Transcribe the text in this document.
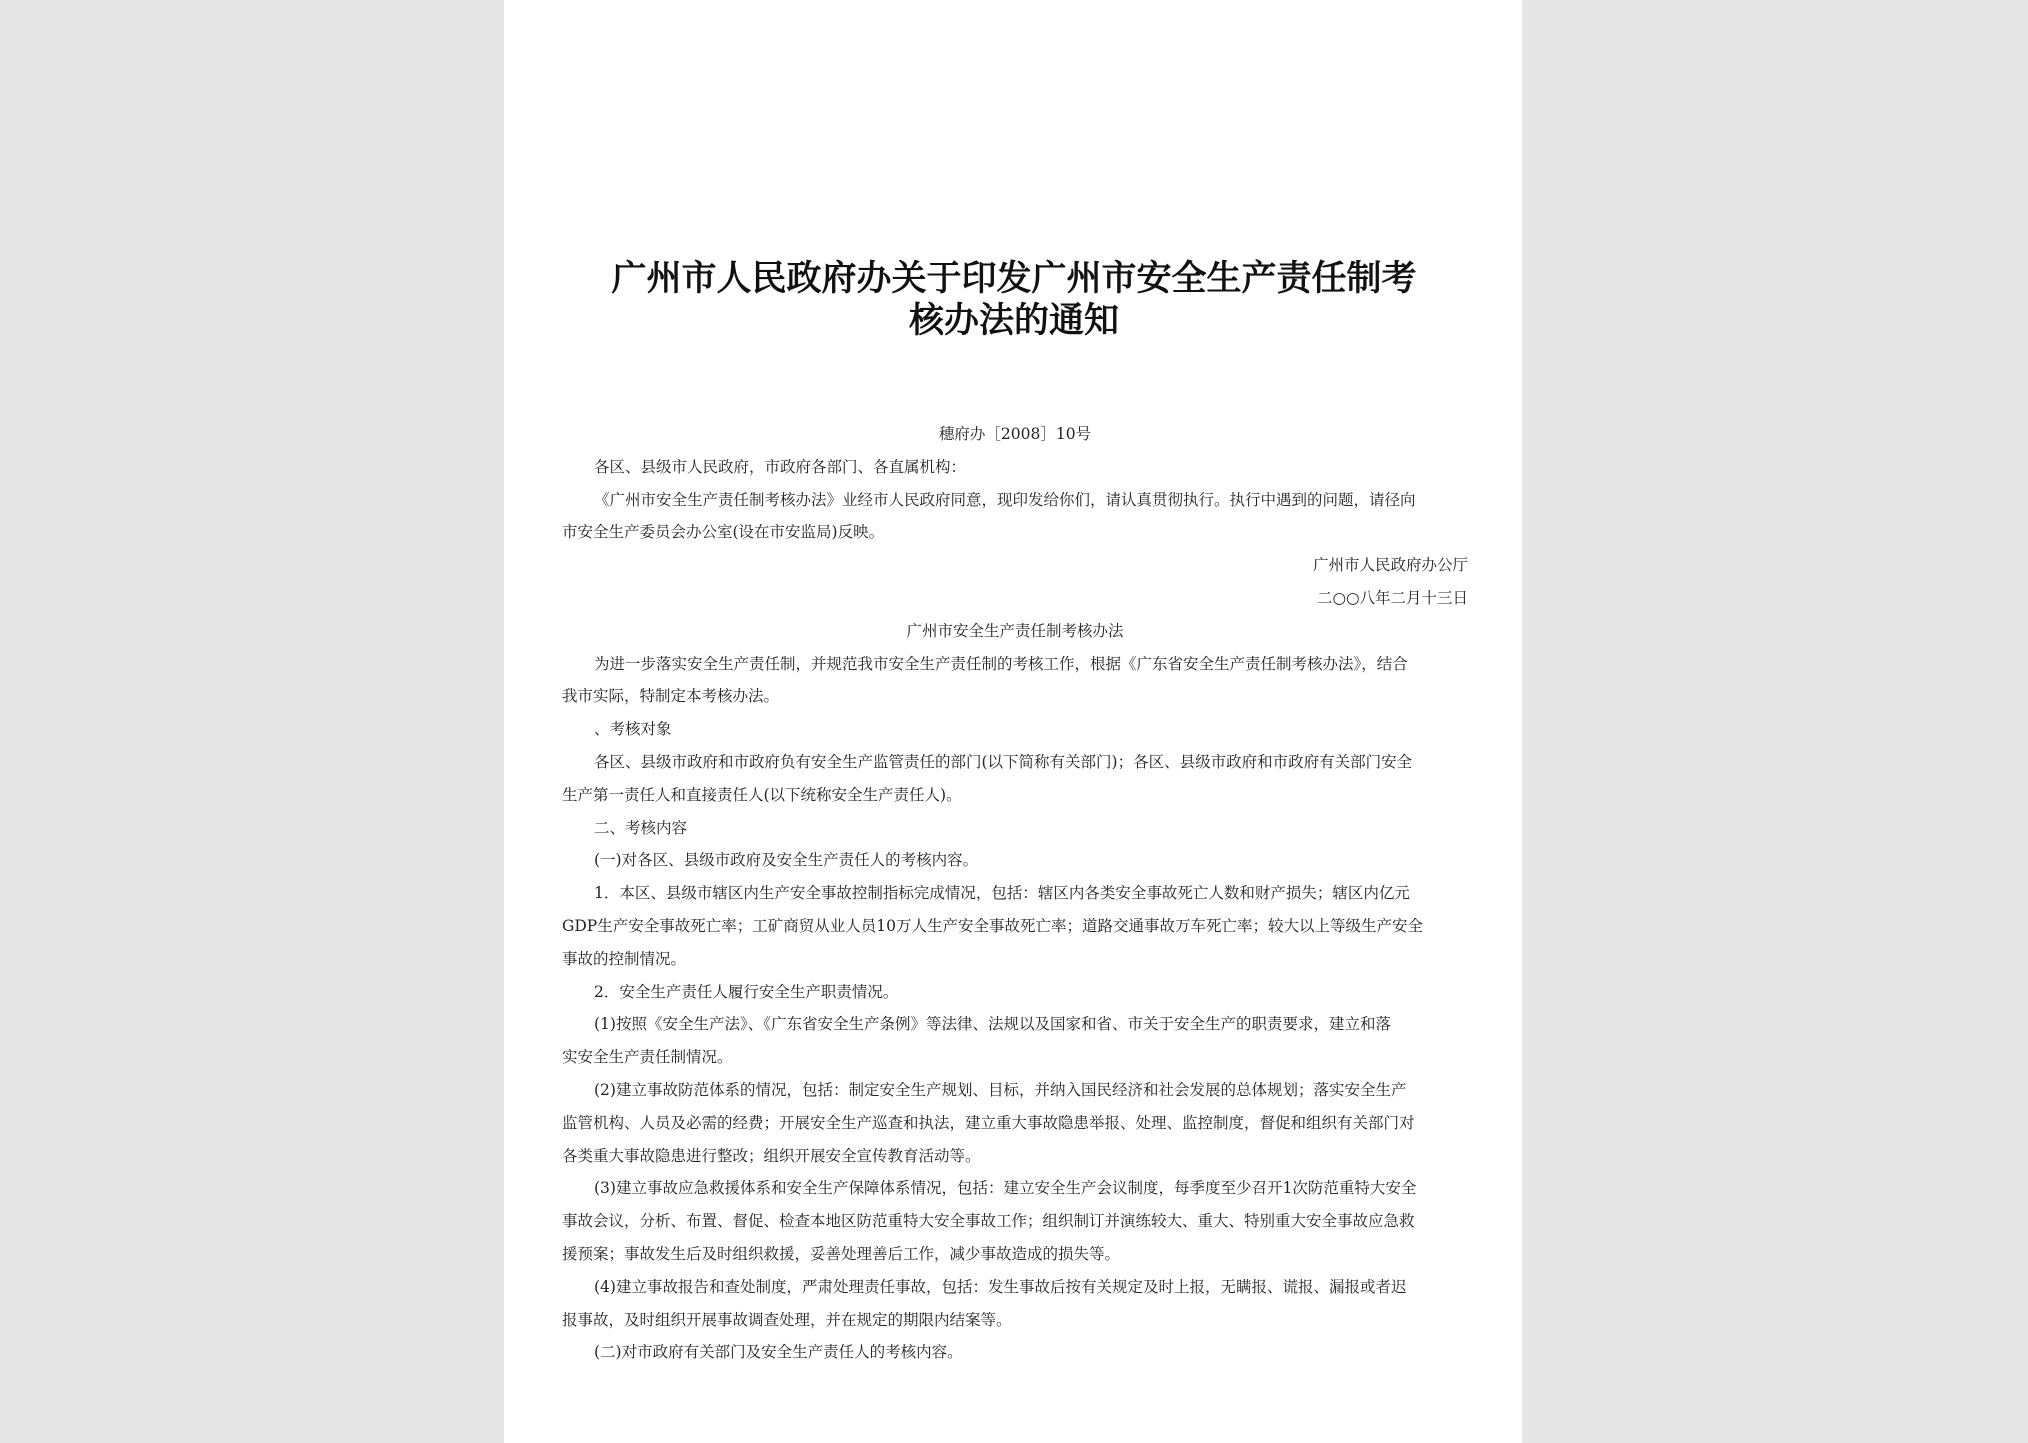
广州市人民政府办关于印发广州市安全生产责任制考
核办法的通知

穗府办［2008］10号

各区、县级市人民政府，市政府各部门、各直属机构：

《广州市安全生产责任制考核办法》业经市人民政府同意，现印发给你们，请认真贯彻执行。执行中遇到的问题，请径向

市安全生产委员会办公室(设在市安监局)反映。

广州市人民政府办公厅

二○○八年二月十三日

广州市安全生产责任制考核办法

为进一步落实安全生产责任制，并规范我市安全生产责任制的考核工作，根据《广东省安全生产责任制考核办法》，结合

我市实际，特制定本考核办法。

、考核对象

各区、县级市政府和市政府负有安全生产监管责任的部门(以下简称有关部门)；各区、县级市政府和市政府有关部门安全

生产第一责任人和直接责任人(以下统称安全生产责任人)。

二、考核内容

(一)对各区、县级市政府及安全生产责任人的考核内容。

1．本区、县级市辖区内生产安全事故控制指标完成情况，包括：辖区内各类安全事故死亡人数和财产损失；辖区内亿元

GDP生产安全事故死亡率；工矿商贸从业人员10万人生产安全事故死亡率；道路交通事故万车死亡率；较大以上等级生产安全

事故的控制情况。

2．安全生产责任人履行安全生产职责情况。

(1)按照《安全生产法》、《广东省安全生产条例》等法律、法规以及国家和省、市关于安全生产的职责要求，建立和落

实安全生产责任制情况。

(2)建立事故防范体系的情况，包括：制定安全生产规划、目标，并纳入国民经济和社会发展的总体规划；落实安全生产

监管机构、人员及必需的经费；开展安全生产巡查和执法，建立重大事故隐患举报、处理、监控制度，督促和组织有关部门对

各类重大事故隐患进行整改；组织开展安全宣传教育活动等。

(3)建立事故应急救援体系和安全生产保障体系情况，包括：建立安全生产会议制度，每季度至少召开1次防范重特大安全

事故会议，分析、布置、督促、检查本地区防范重特大安全事故工作；组织制订并演练较大、重大、特别重大安全事故应急救

援预案；事故发生后及时组织救援，妥善处理善后工作，减少事故造成的损失等。

(4)建立事故报告和查处制度，严肃处理责任事故，包括：发生事故后按有关规定及时上报，无瞒报、谎报、漏报或者迟

报事故，及时组织开展事故调查处理，并在规定的期限内结案等。

(二)对市政府有关部门及安全生产责任人的考核内容。
